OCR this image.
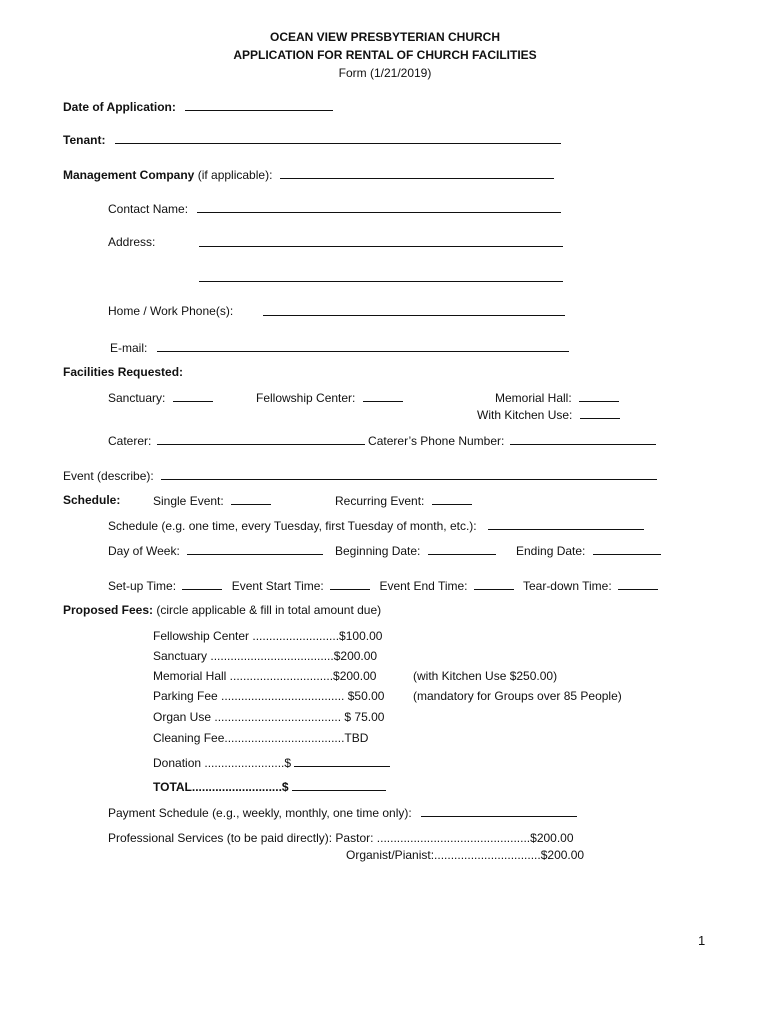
OCEAN VIEW PRESBYTERIAN CHURCH
APPLICATION FOR RENTAL OF CHURCH FACILITIES
Form (1/21/2019)
Date of Application:
Tenant:
Management Company (if applicable):
Contact Name:
Address:
Home / Work Phone(s):
E-mail:
Facilities Requested:
Sanctuary:	Fellowship Center:	Memorial Hall:
With Kitchen Use:
Caterer:	Caterer’s Phone Number:
Event (describe):
Schedule:	Single Event:	Recurring Event:
Schedule (e.g. one time, every Tuesday, first Tuesday of month, etc.):
Day of Week:	Beginning Date:	Ending Date:
Set-up Time:	Event Start Time:	Event End Time:	Tear-down Time:
Proposed Fees: (circle applicable & fill in total amount due)
Fellowship Center ..........................$100.00
Sanctuary .....................................$200.00
Memorial Hall ...............................$200.00	(with Kitchen Use $250.00)
Parking Fee ..................................... $50.00 (mandatory for Groups over 85 People)
Organ Use ...................................... $ 75.00
Cleaning Fee....................................TBD
Donation ........................$
TOTAL...........................$
Payment Schedule (e.g., weekly, monthly, one time only):
Professional Services (to be paid directly): Pastor: ..............................................$200.00
Organist/Pianist:................................$200.00
1
